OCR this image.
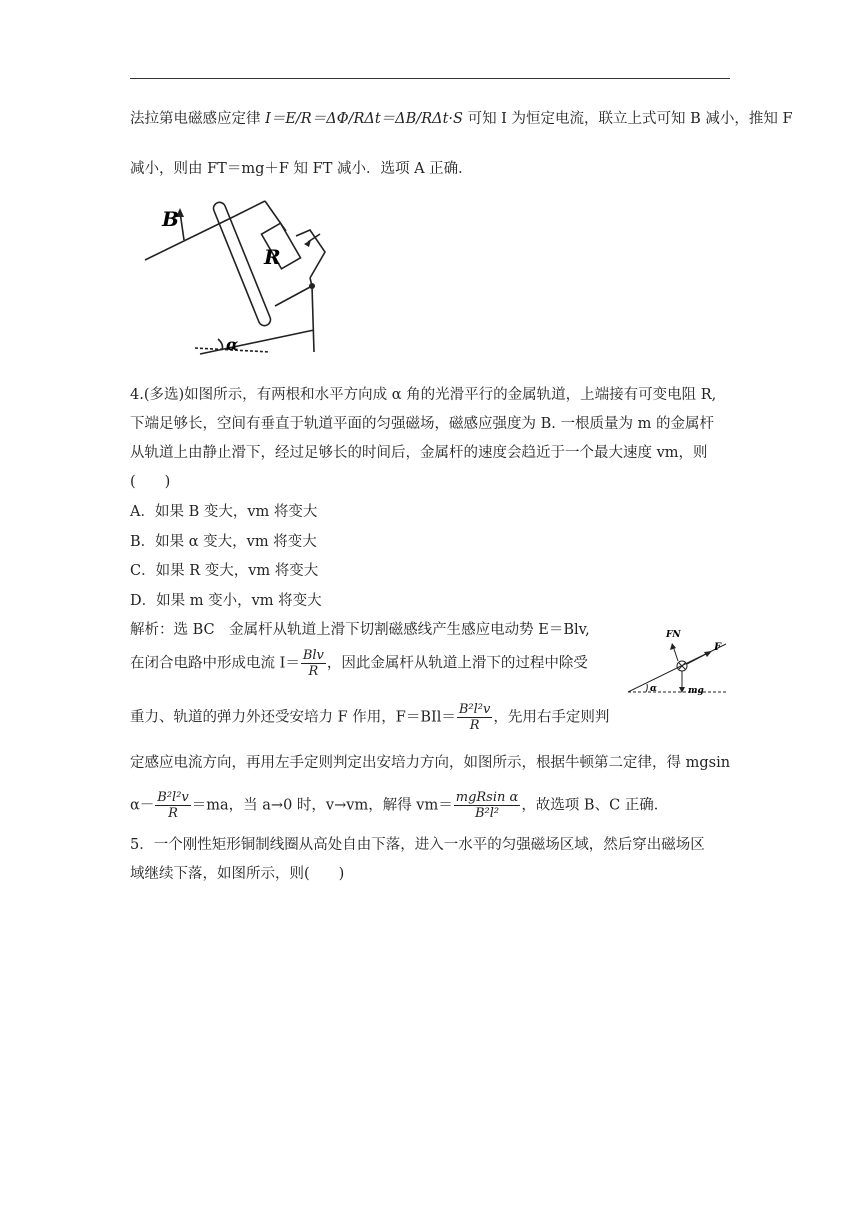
法拉第电磁感应定律 I＝E/R＝ΔΦ/RΔt＝ΔB/RΔt·S 可知 I 为恒定电流，联立上式可知 B 减小，推知 F
减小，则由 FT＝mg＋F 知 FT 减小．选项 A 正确．
B
R
α
4.(多选)如图所示，有两根和水平方向成 α 角的光滑平行的金属轨道，上端接有可变电阻 R,
下端足够长，空间有垂直于轨道平面的匀强磁场，磁感应强度为 B. 一根质量为 m 的金属杆
从轨道上由静止滑下，经过足够长的时间后，金属杆的速度会趋近于一个最大速度 vm，则
(　　)
A．如果 B 变大，vm 将变大
B．如果 α 变大，vm 将变大
C．如果 R 变大，vm 将变大
D．如果 m 变小，vm 将变大
解析：选 BC　金属杆从轨道上滑下切割磁感线产生感应电动势 E＝Blv,
在闭合电路中形成电流 $I= \frac{\text{Blv}}{R}$ ，因此金属杆从轨道上滑下的过程中除受
重力、轨道的弹力外还受安培力 F 作用，$F=BIl= \frac{\text{B²l²v}}{R}$ ，先用右手定则判
定感应电流方向，再用左手定则判定出安培力方向，如图所示，根据牛顿第二定律，得 mgsin
$\alpha- \frac{\text{B²l²v}}{R} =ma$，当 a→0 时，v→vm，解得 $vm= \frac{\text{mgRsin α}}{\text{B²l²}}$ ，故选项 B、C 正确．
FN
F
α	mg
5．一个刚性矩形铜制线圈从高处自由下落，进入一水平的匀强磁场区域，然后穿出磁场区
域继续下落，如图所示，则(　　)
